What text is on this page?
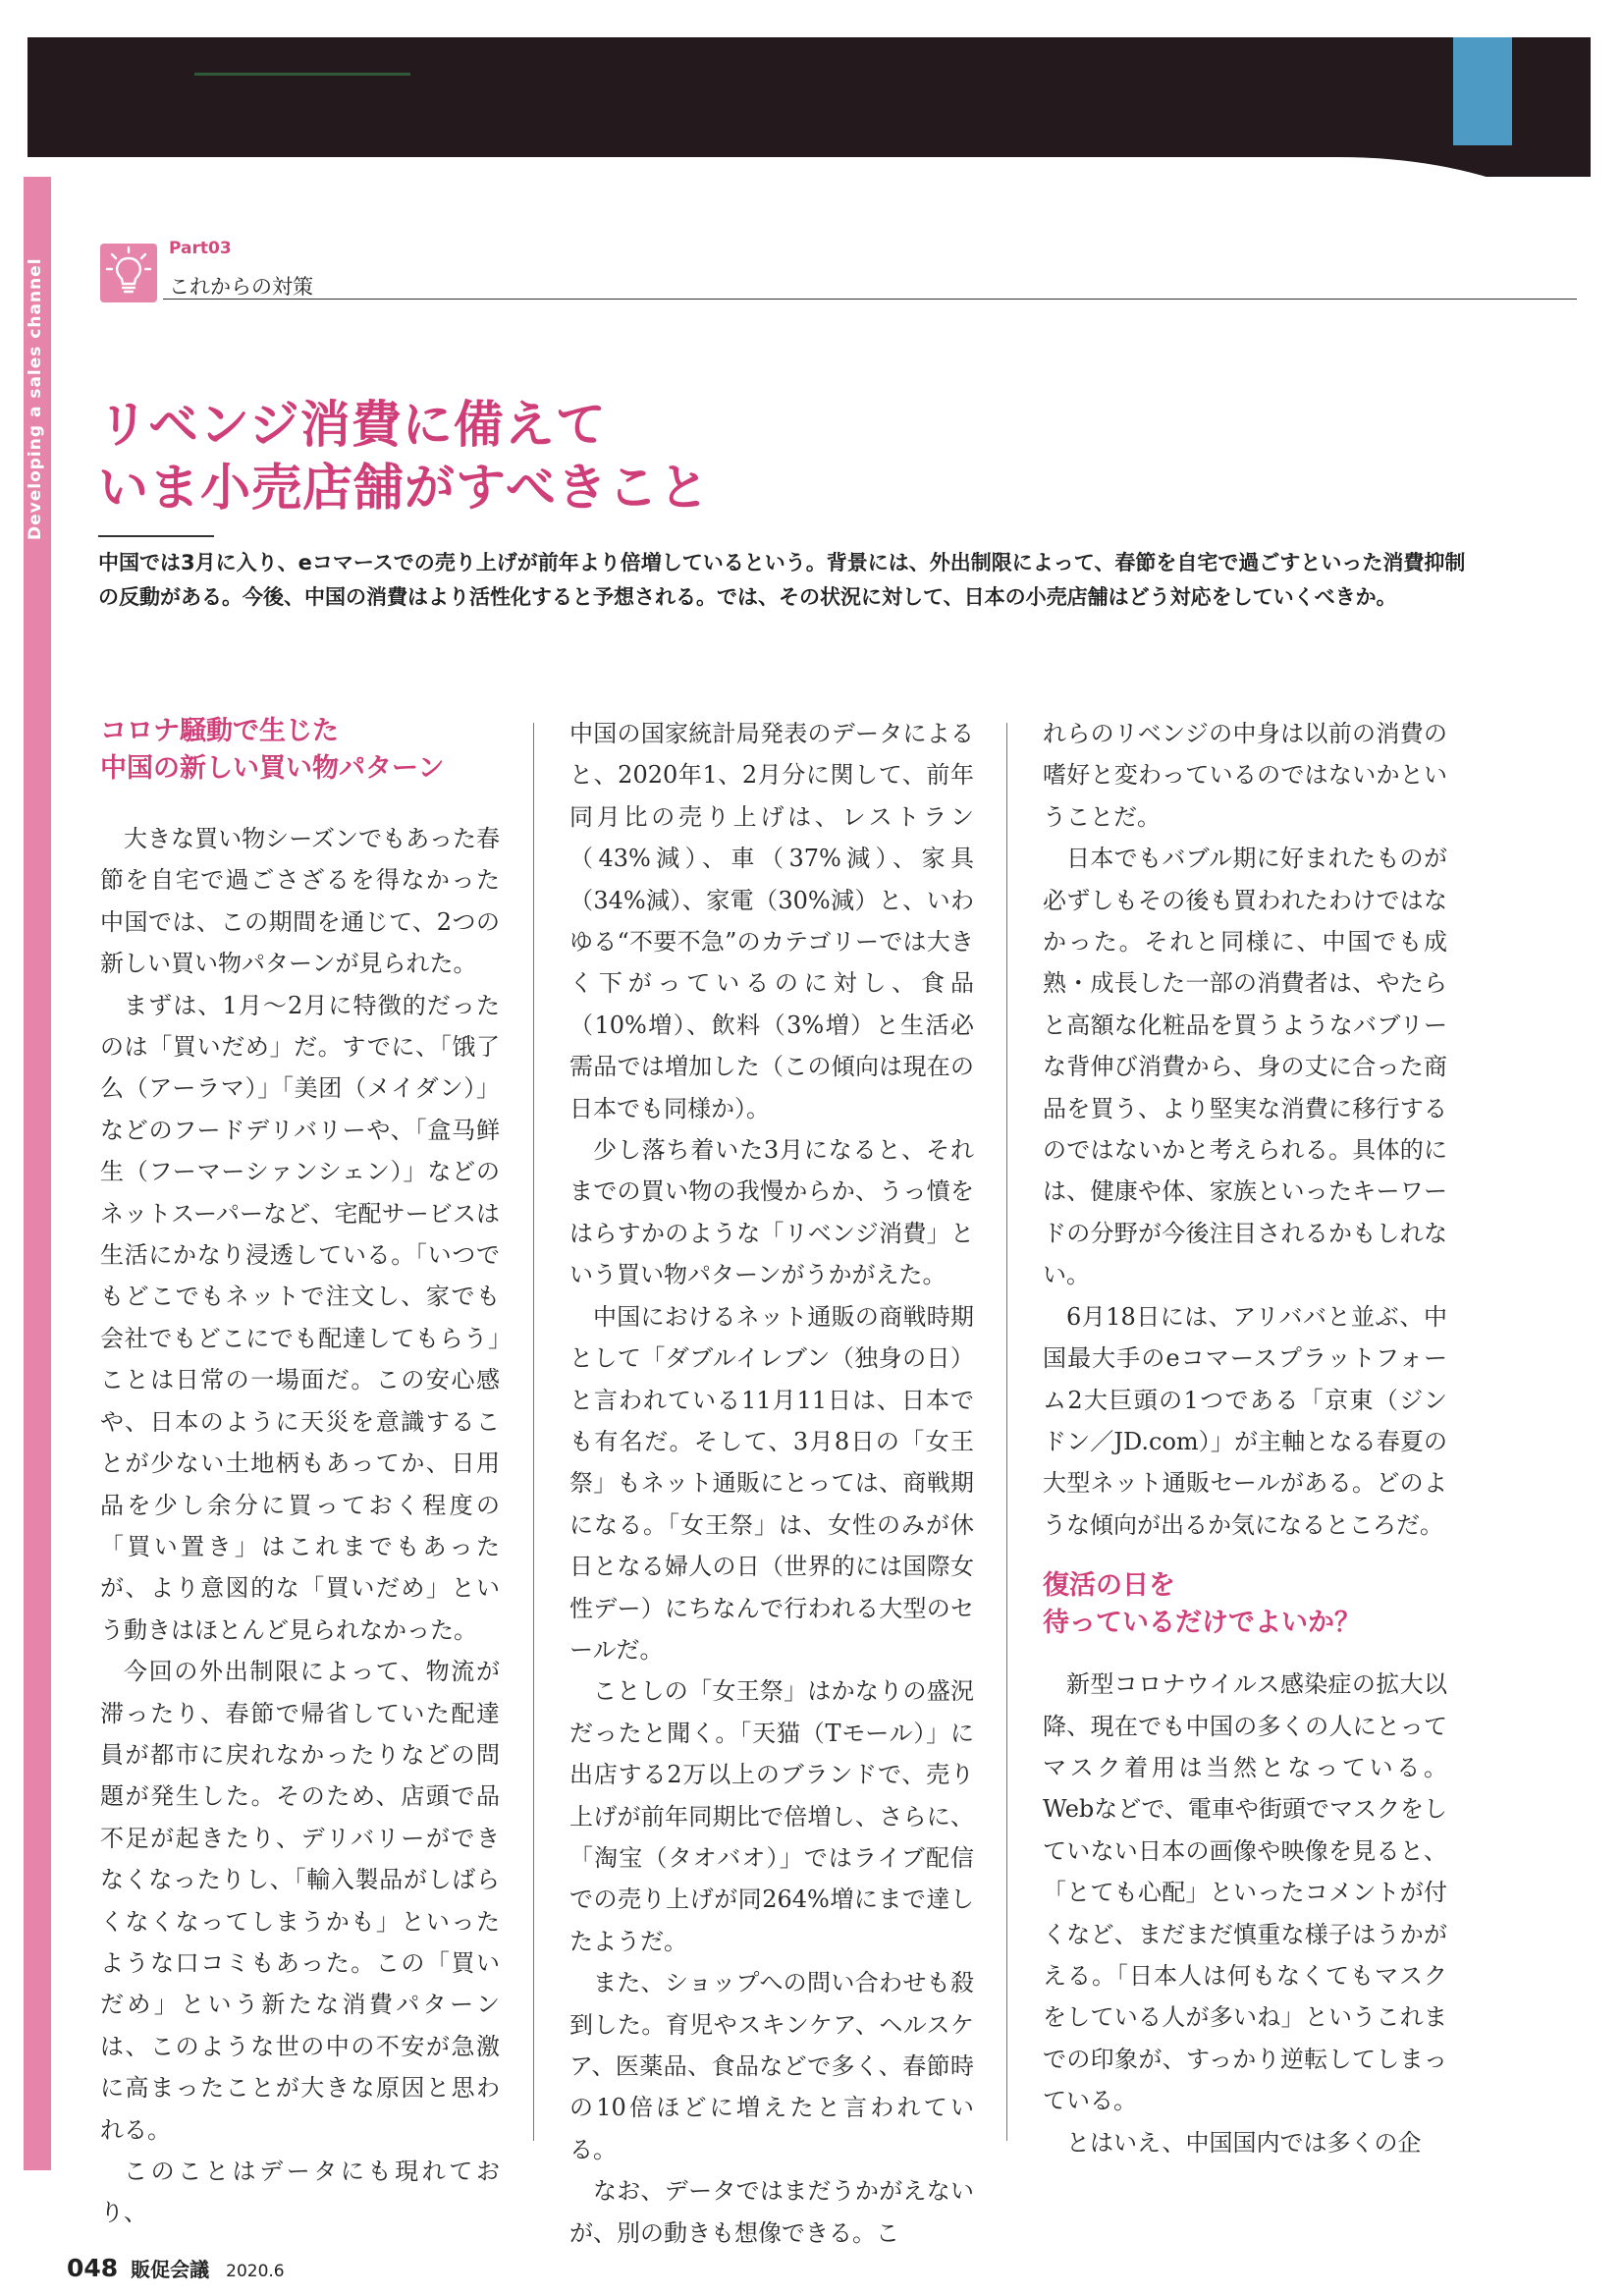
Developing a sales channel
Part03
これからの対策
リベンジ消費に備えて
いま小売店舗がすべきこと
中国では3月に入り、eコマースでの売り上げが前年より倍増しているという。背景には、外出制限によって、春節を自宅で過ごすといった消費抑制の反動がある。今後、中国の消費はより活性化すると予想される。では、その状況に対して、日本の小売店舗はどう対応をしていくべきか。
コロナ騒動で生じた
中国の新しい買い物パターン

大きな買い物シーズンでもあった春節を自宅で過ごさざるを得なかった中国では、この期間を通じて、2つの新しい買い物パターンが見られた。

まずは、1月～2月に特徴的だったのは「買いだめ」だ。すでに、「饿了么（アーラマ）」「美团（メイダン）」などのフードデリバリーや、「盒马鲜生（フーマーシァンシェン）」などのネットスーパーなど、宅配サービスは生活にかなり浸透している。「いつでもどこでもネットで注文し、家でも会社でもどこにでも配達してもらう」ことは日常の一場面だ。この安心感や、日本のように天災を意識することが少ない土地柄もあってか、日用品を少し余分に買っておく程度の「買い置き」はこれまでもあったが、より意図的な「買いだめ」という動きはほとんど見られなかった。

今回の外出制限によって、物流が滞ったり、春節で帰省していた配達員が都市に戻れなかったりなどの問題が発生した。そのため、店頭で品不足が起きたり、デリバリーができなくなったりし、「輸入製品がしばらくなくなってしまうかも」といったような口コミもあった。この「買いだめ」という新たな消費パターンは、このような世の中の不安が急激に高まったことが大きな原因と思われる。

このことはデータにも現れており、

中国の国家統計局発表のデータによると、2020年1、2月分に関して、前年同月比の売り上げは、レストラン（43%減）、車（37%減）、家具（34%減）、家電（30%減）と、いわゆる“不要不急”のカテゴリーでは大きく下がっているのに対し、食品（10%増）、飲料（3%増）と生活必需品では増加した（この傾向は現在の日本でも同様か）。

少し落ち着いた3月になると、それまでの買い物の我慢からか、うっ憤をはらすかのような「リベンジ消費」という買い物パターンがうかがえた。

中国におけるネット通販の商戦時期として「ダブルイレブン（独身の日）と言われている11月11日は、日本でも有名だ。そして、3月8日の「女王祭」もネット通販にとっては、商戦期になる。「女王祭」は、女性のみが休日となる婦人の日（世界的には国際女性デー）にちなんで行われる大型のセールだ。

ことしの「女王祭」はかなりの盛況だったと聞く。「天猫（Tモール）」に出店する2万以上のブランドで、売り上げが前年同期比で倍増し、さらに、「淘宝（タオバオ）」ではライブ配信での売り上げが同264%増にまで達したようだ。

また、ショップへの問い合わせも殺到した。育児やスキンケア、ヘルスケア、医薬品、食品などで多く、春節時の10倍ほどに増えたと言われている。

なお、データではまだうかがえないが、別の動きも想像できる。こ

れらのリベンジの中身は以前の消費の嗜好と変わっているのではないかということだ。

日本でもバブル期に好まれたものが必ずしもその後も買われたわけではなかった。それと同様に、中国でも成熟・成長した一部の消費者は、やたらと高額な化粧品を買うようなバブリーな背伸び消費から、身の丈に合った商品を買う、より堅実な消費に移行するのではないかと考えられる。具体的には、健康や体、家族といったキーワードの分野が今後注目されるかもしれない。

6月18日には、アリババと並ぶ、中国最大手のeコマースプラットフォーム2大巨頭の1つである「京東（ジンドン／JD.com）」が主軸となる春夏の大型ネット通販セールがある。どのような傾向が出るか気になるところだ。

復活の日を
待っているだけでよいか？

新型コロナウイルス感染症の拡大以降、現在でも中国の多くの人にとってマスク着用は当然となっている。Webなどで、電車や街頭でマスクをしていない日本の画像や映像を見ると、「とても心配」といったコメントが付くなど、まだまだ慎重な様子はうかがえる。「日本人は何もなくてもマスクをしている人が多いね」というこれまでの印象が、すっかり逆転してしまっている。

とはいえ、中国国内では多くの企

048 販促会議 2020.6
